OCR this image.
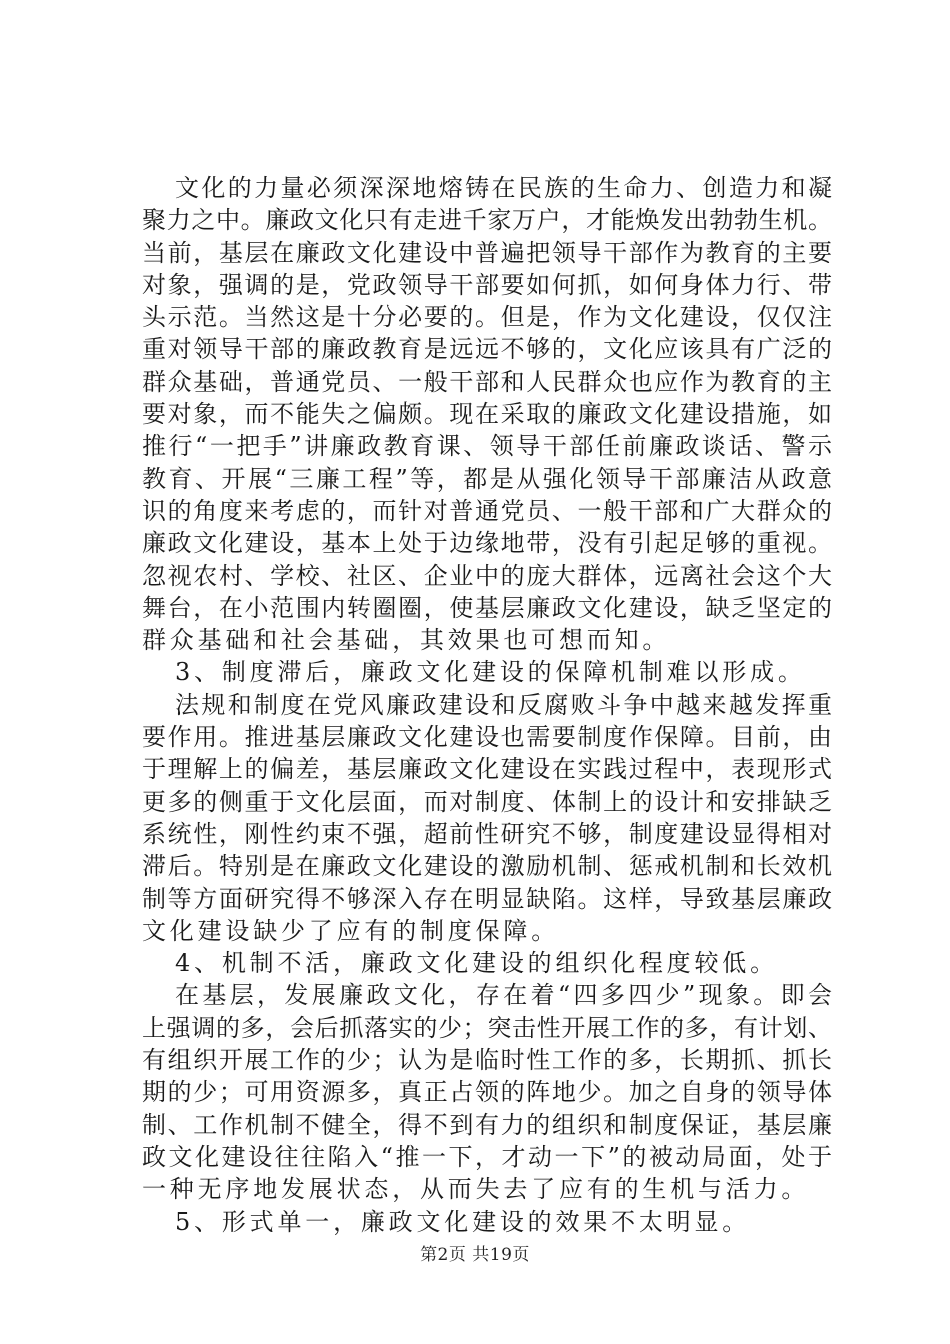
文化的力量必须深深地熔铸在民族的生命力、创造力和凝
聚力之中。廉政文化只有走进千家万户，才能焕发出勃勃生机。
当前，基层在廉政文化建设中普遍把领导干部作为教育的主要
对象，强调的是，党政领导干部要如何抓，如何身体力行、带
头示范。当然这是十分必要的。但是，作为文化建设，仅仅注
重对领导干部的廉政教育是远远不够的，文化应该具有广泛的
群众基础，普通党员、一般干部和人民群众也应作为教育的主
要对象，而不能失之偏颇。现在采取的廉政文化建设措施，如
推行“一把手”讲廉政教育课、领导干部任前廉政谈话、警示
教育、开展“三廉工程”等，都是从强化领导干部廉洁从政意
识的角度来考虑的，而针对普通党员、一般干部和广大群众的
廉政文化建设，基本上处于边缘地带，没有引起足够的重视。
忽视农村、学校、社区、企业中的庞大群体，远离社会这个大
舞台，在小范围内转圈圈，使基层廉政文化建设，缺乏坚定的
群众基础和社会基础，其效果也可想而知。
3、制度滞后，廉政文化建设的保障机制难以形成。
法规和制度在党风廉政建设和反腐败斗争中越来越发挥重
要作用。推进基层廉政文化建设也需要制度作保障。目前，由
于理解上的偏差，基层廉政文化建设在实践过程中，表现形式
更多的侧重于文化层面，而对制度、体制上的设计和安排缺乏
系统性，刚性约束不强，超前性研究不够，制度建设显得相对
滞后。特别是在廉政文化建设的激励机制、惩戒机制和长效机
制等方面研究得不够深入存在明显缺陷。这样，导致基层廉政
文化建设缺少了应有的制度保障。
4、机制不活，廉政文化建设的组织化程度较低。
在基层，发展廉政文化，存在着“四多四少”现象。即会
上强调的多，会后抓落实的少；突击性开展工作的多，有计划、
有组织开展工作的少；认为是临时性工作的多，长期抓、抓长
期的少；可用资源多，真正占领的阵地少。加之自身的领导体
制、工作机制不健全，得不到有力的组织和制度保证，基层廉
政文化建设往往陷入“推一下，才动一下”的被动局面，处于
一种无序地发展状态，从而失去了应有的生机与活力。
5、形式单一，廉政文化建设的效果不太明显。
第2页 共19页
